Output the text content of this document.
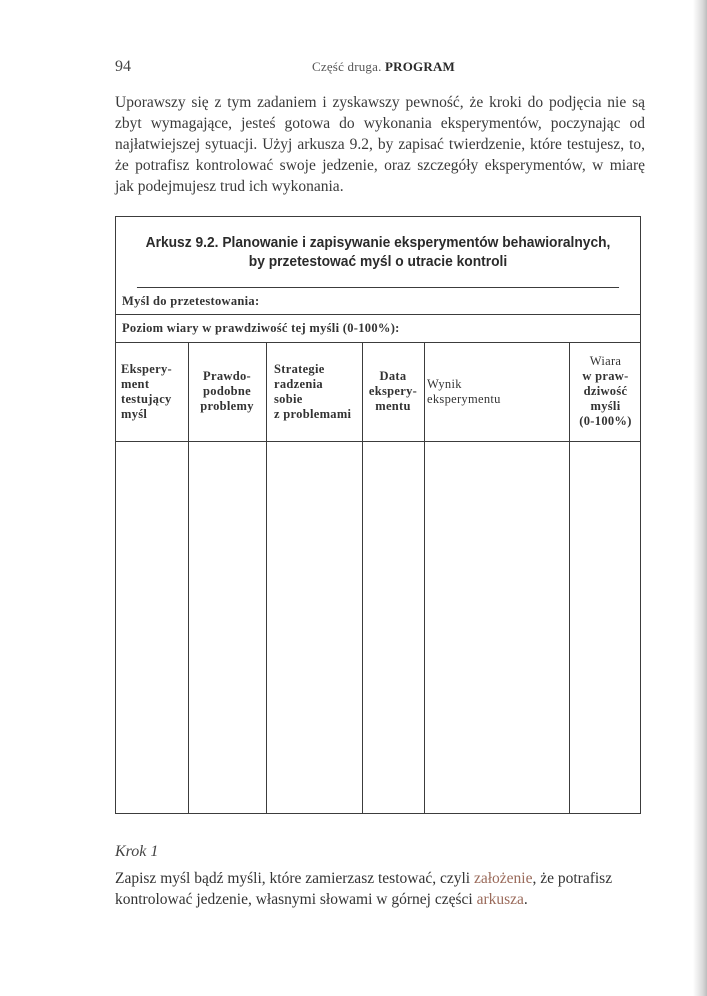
94	Część druga. PROGRAM

Uporawszy się z tym zadaniem i zyskawszy pewność, że kroki do podjęcia nie są zbyt wymagające, jesteś gotowa do wykonania eksperymentów, poczynając od najłatwiejszej sytuacji. Użyj arkusza 9.2, by zapisać twierdzenie, które testujesz, to, że potrafisz kontrolować swoje jedzenie, oraz szczegóły eksperymentów, w miarę jak podejmujesz trud ich wykonania.

Arkusz 9.2. Planowanie i zapisywanie eksperymentów behawioralnych,
by przetestować myśl o utracie kontroli
Myśl do przetestowania:
Poziom wiary w prawdziwość tej myśli (0-100%):
Ekspery-
ment
testujący
myśl
Prawdo-
podobne
problemy
Strategie
radzenia
sobie
z problemami
Data
ekspery-
mentu
Wynik
eksperymentu
Wiara
w praw-
dziwość
myśli
(0-100%)
Krok 1

Zapisz myśl bądź myśli, które zamierzasz testować, czyli założenie, że potrafisz kontrolować jedzenie, własnymi słowami w górnej części arkusza.
